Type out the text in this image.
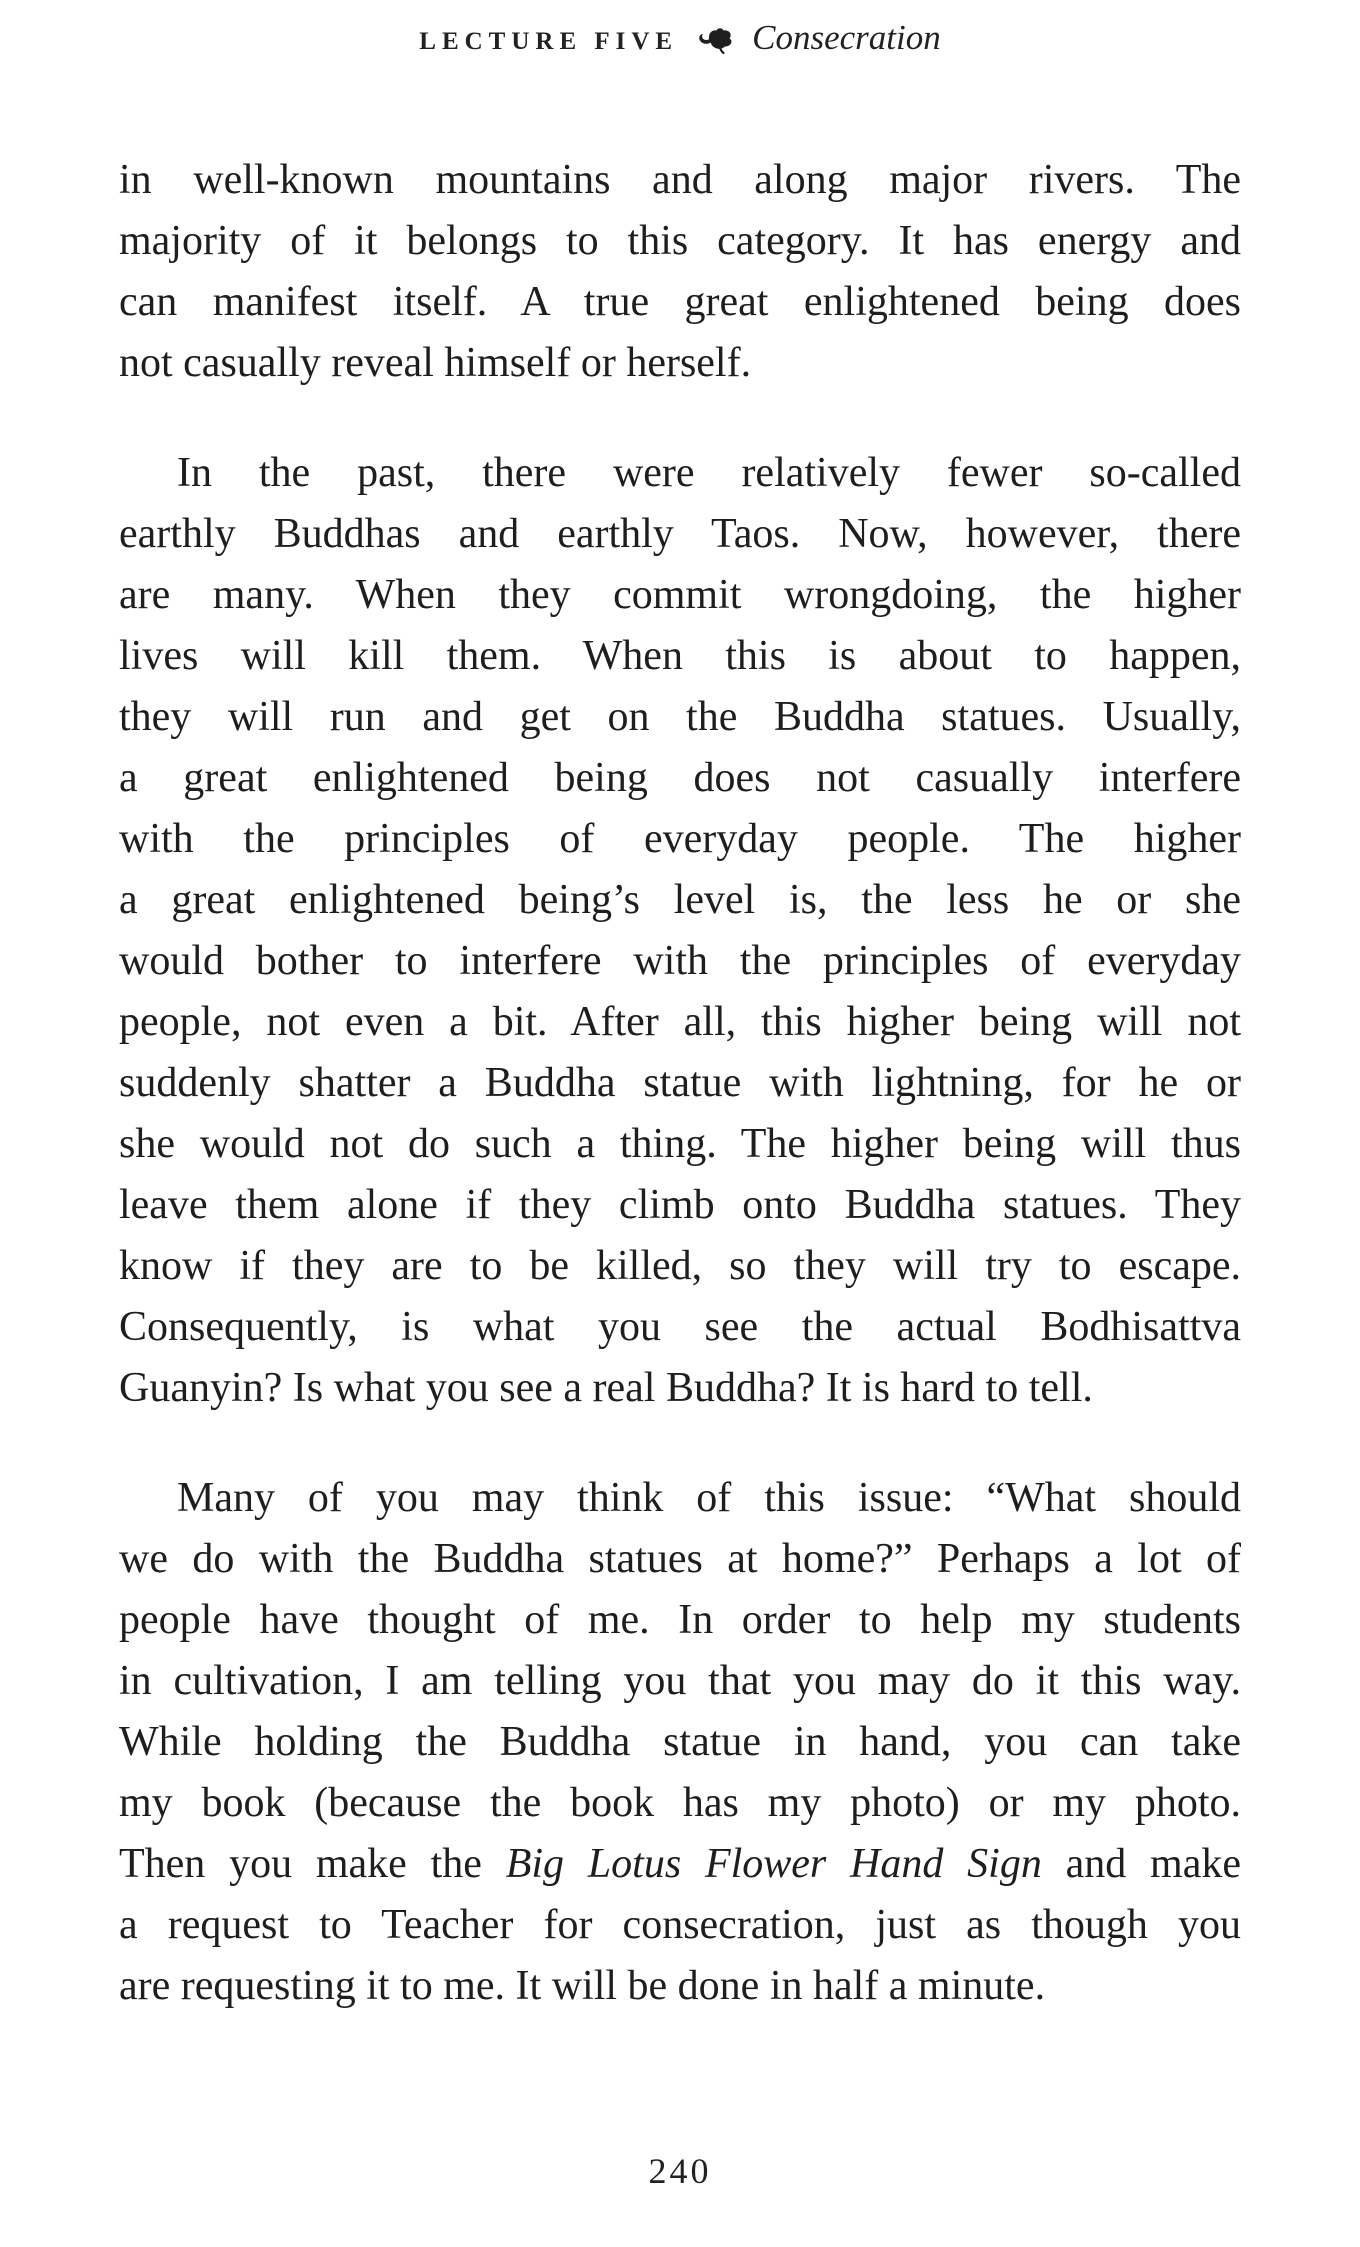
LECTURE FIVE Consecration

in well-known mountains and along major rivers. The
majority of it belongs to this category. It has energy and
can manifest itself. A true great enlightened being does
not casually reveal himself or herself.

In the past, there were relatively fewer so-called
earthly Buddhas and earthly Taos. Now, however, there
are many. When they commit wrongdoing, the higher
lives will kill them. When this is about to happen,
they will run and get on the Buddha statues. Usually,
a great enlightened being does not casually interfere
with the principles of everyday people. The higher
a great enlightened being’s level is, the less he or she
would bother to interfere with the principles of everyday
people, not even a bit. After all, this higher being will not
suddenly shatter a Buddha statue with lightning, for he or
she would not do such a thing. The higher being will thus
leave them alone if they climb onto Buddha statues. They
know if they are to be killed, so they will try to escape.
Consequently, is what you see the actual Bodhisattva
Guanyin? Is what you see a real Buddha? It is hard to tell.

Many of you may think of this issue: “What should
we do with the Buddha statues at home?” Perhaps a lot of
people have thought of me. In order to help my students
in cultivation, I am telling you that you may do it this way.
While holding the Buddha statue in hand, you can take
my book (because the book has my photo) or my photo.
Then you make the Big Lotus Flower Hand Sign and make
a request to Teacher for consecration, just as though you
are requesting it to me. It will be done in half a minute.

240
